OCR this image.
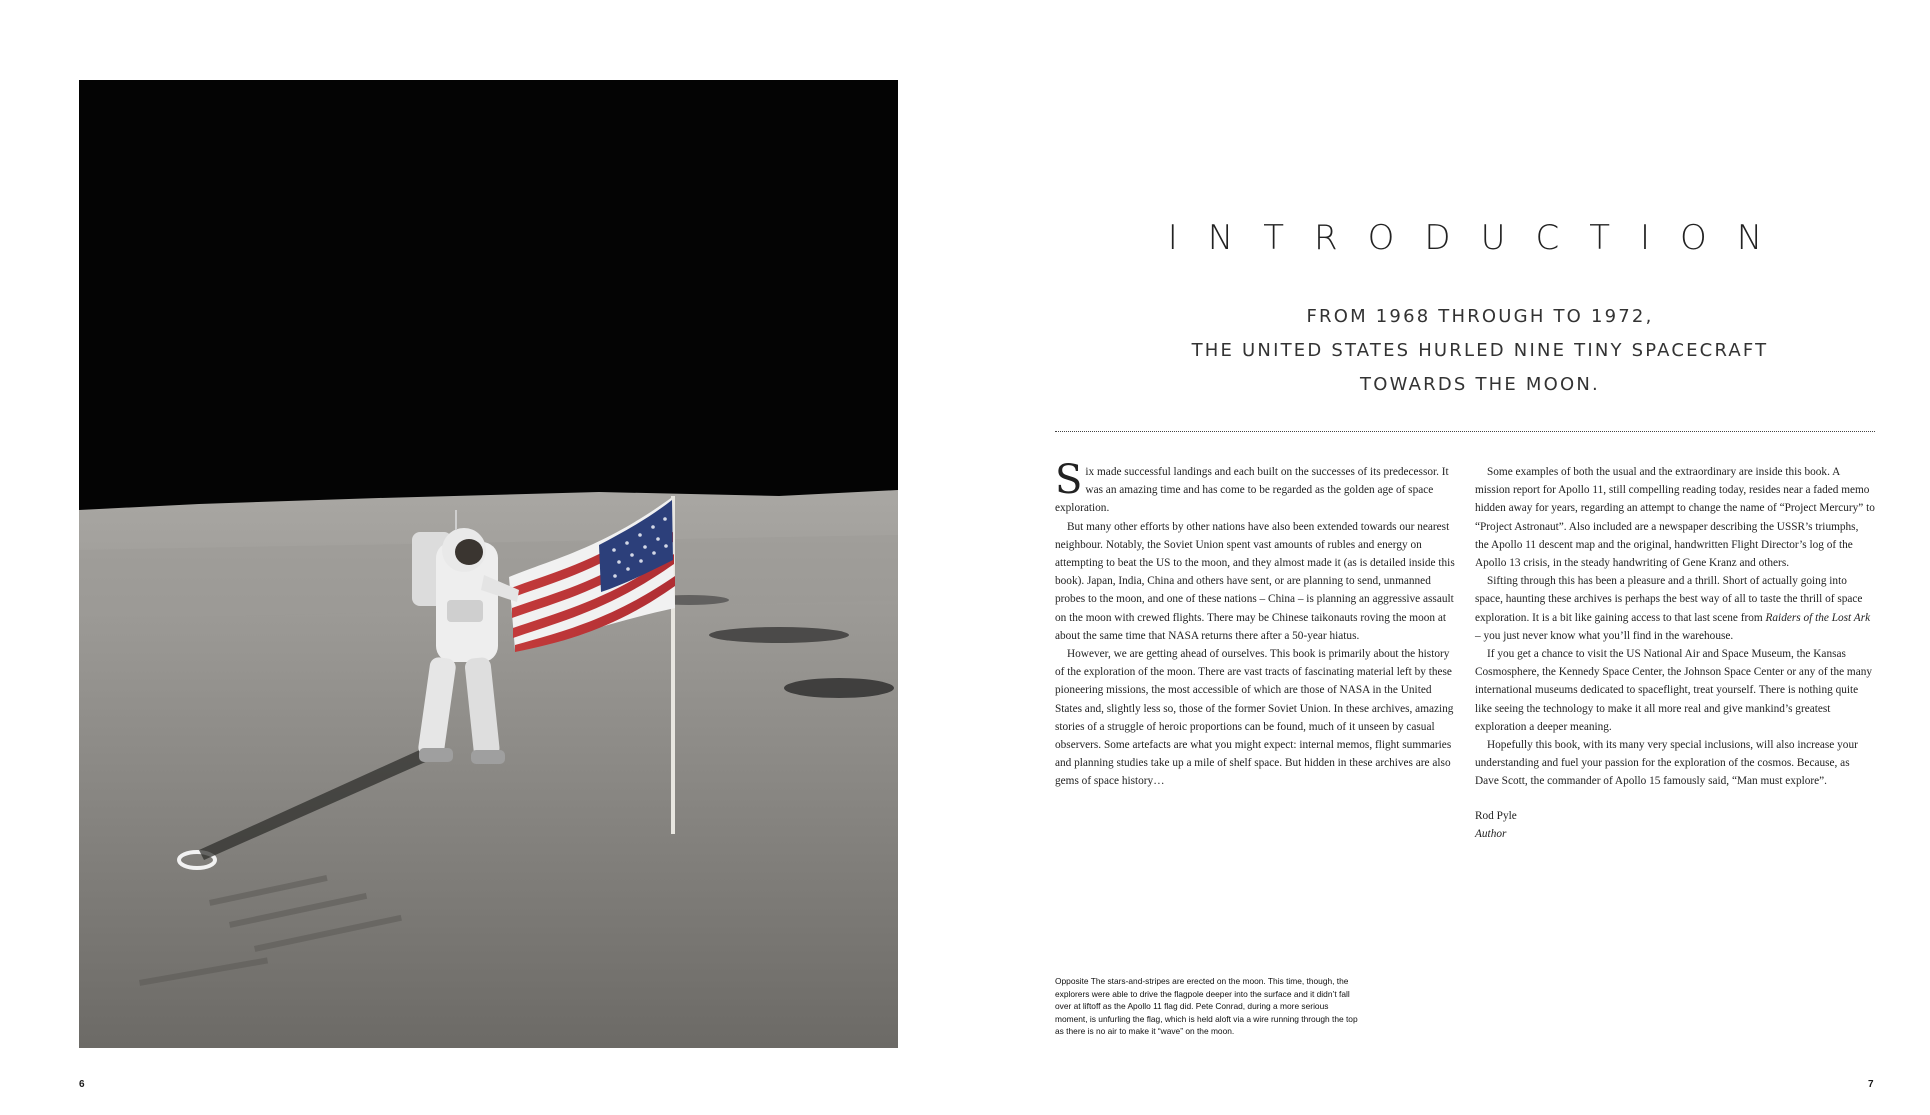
6
INTRODUCTION
FROM 1968 THROUGH TO 1972,
THE UNITED STATES HURLED NINE TINY SPACECRAFT
TOWARDS THE MOON.

Six made successful landings and each built on the successes of its predecessor. It was an amazing time and has come to be regarded as the golden age of space exploration.

But many other efforts by other nations have also been extended towards our nearest neighbour. Notably, the Soviet Union spent vast amounts of rubles and energy on attempting to beat the US to the moon, and they almost made it (as is detailed inside this book). Japan, India, China and others have sent, or are planning to send, unmanned probes to the moon, and one of these nations – China – is planning an aggressive assault on the moon with crewed flights. There may be Chinese taikonauts roving the moon at about the same time that NASA returns there after a 50-year hiatus.

However, we are getting ahead of ourselves. This book is primarily about the history of the exploration of the moon. There are vast tracts of fascinating material left by these pioneering missions, the most accessible of which are those of NASA in the United States and, slightly less so, those of the former Soviet Union. In these archives, amazing stories of a struggle of heroic proportions can be found, much of it unseen by casual observers. Some artefacts are what you might expect: internal memos, flight summaries and planning studies take up a mile of shelf space. But hidden in these archives are also gems of space history…

Some examples of both the usual and the extraordinary are inside this book. A mission report for Apollo 11, still compelling reading today, resides near a faded memo hidden away for years, regarding an attempt to change the name of “Project Mercury” to “Project Astronaut”. Also included are a newspaper describing the USSR’s triumphs, the Apollo 11 descent map and the original, handwritten Flight Director’s log of the Apollo 13 crisis, in the steady handwriting of Gene Kranz and others.

Sifting through this has been a pleasure and a thrill. Short of actually going into space, haunting these archives is perhaps the best way of all to taste the thrill of space exploration. It is a bit like gaining access to that last scene from Raiders of the Lost Ark – you just never know what you’ll find in the warehouse.

If you get a chance to visit the US National Air and Space Museum, the Kansas Cosmosphere, the Kennedy Space Center, the Johnson Space Center or any of the many international museums dedicated to spaceflight, treat yourself. There is nothing quite like seeing the technology to make it all more real and give mankind’s greatest exploration a deeper meaning.

Hopefully this book, with its many very special inclusions, will also increase your understanding and fuel your passion for the exploration of the cosmos. Because, as Dave Scott, the commander of Apollo 15 famously said, “Man must explore”.

Rod Pyle
Author
Opposite The stars-and-stripes are erected on the moon. This time, though, the explorers were able to drive the flagpole deeper into the surface and it didn’t fall over at liftoff as the Apollo 11 flag did. Pete Conrad, during a more serious moment, is unfurling the flag, which is held aloft via a wire running through the top as there is no air to make it “wave” on the moon.
7
